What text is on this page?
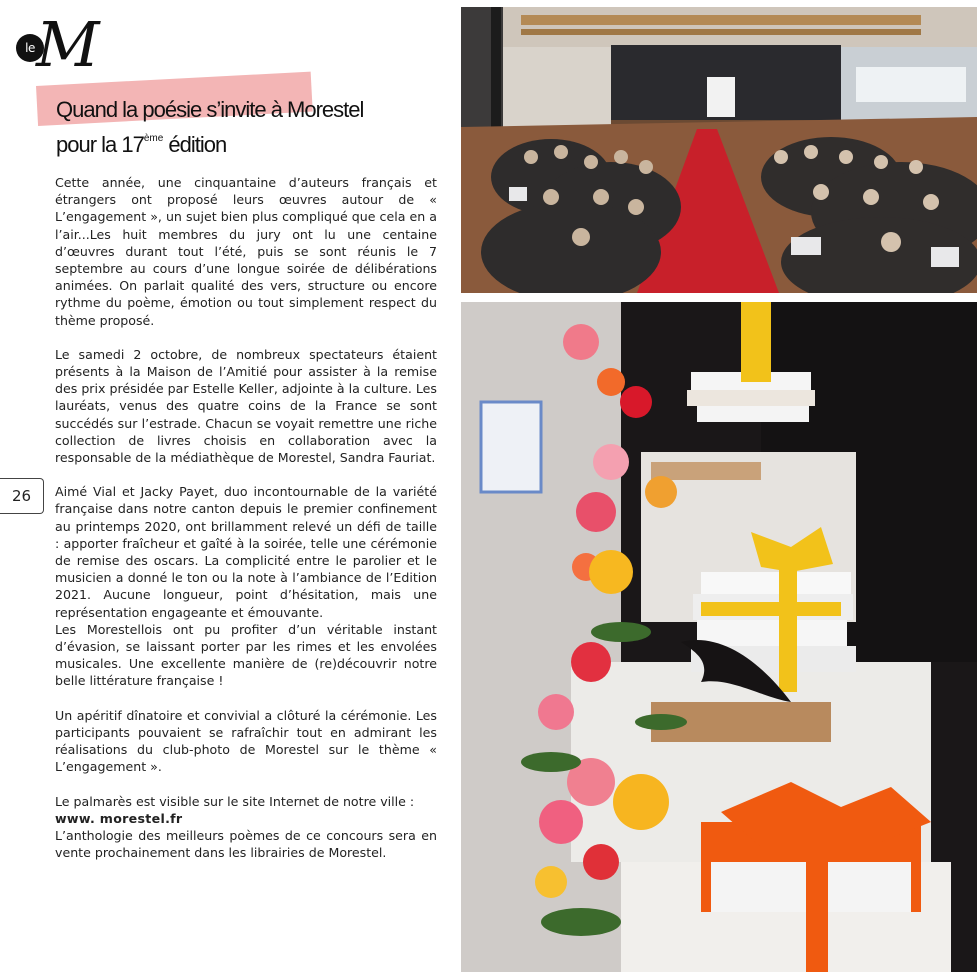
le M
Quand la poésie s’invite à Morestel
pour la 17ème édition

Cette année, une cinquantaine d’auteurs français et étrangers ont proposé leurs œuvres autour de « L’engagement », un sujet bien plus compliqué que cela en a l’air...Les huit membres du jury ont lu une centaine d’œuvres durant tout l’été, puis se sont réunis le 7 septembre au cours d’une longue soirée de délibérations animées. On parlait qualité des vers, structure ou encore rythme du poème, émotion ou tout simplement respect du thème proposé.

Le samedi 2 octobre, de nombreux spectateurs étaient présents à la Maison de l’Amitié pour assister à la remise des prix présidée par Estelle Keller, adjointe à la culture. Les lauréats, venus des quatre coins de la France se sont succédés sur l’estrade. Chacun se voyait remettre une riche collection de livres choisis en collaboration avec la responsable de la médiathèque de Morestel, Sandra Fauriat.

Aimé Vial et Jacky Payet, duo incontournable de la variété française dans notre canton depuis le premier confinement au printemps 2020, ont brillamment relevé un défi de taille : apporter fraîcheur et gaîté à la soirée, telle une cérémonie de remise des oscars. La complicité entre le parolier et le musicien a donné le ton ou la note à l’ambiance de l’Edition 2021. Aucune longueur, point d’hésitation, mais une représentation engageante et émouvante.

Les Morestellois ont pu profiter d’un véritable instant d’évasion, se laissant porter par les rimes et les envolées musicales. Une excellente manière de (re)découvrir notre belle littérature française !

Un apéritif dînatoire et convivial a clôturé la cérémonie. Les participants pouvaient se rafraîchir tout en admirant les réalisations du club-photo de Morestel sur le thème « L’engagement ».

Le palmarès est visible sur le site Internet de notre ville :

www. morestel.fr

L’anthologie des meilleurs poèmes de ce concours sera en vente prochainement dans les librairies de Morestel.

26
